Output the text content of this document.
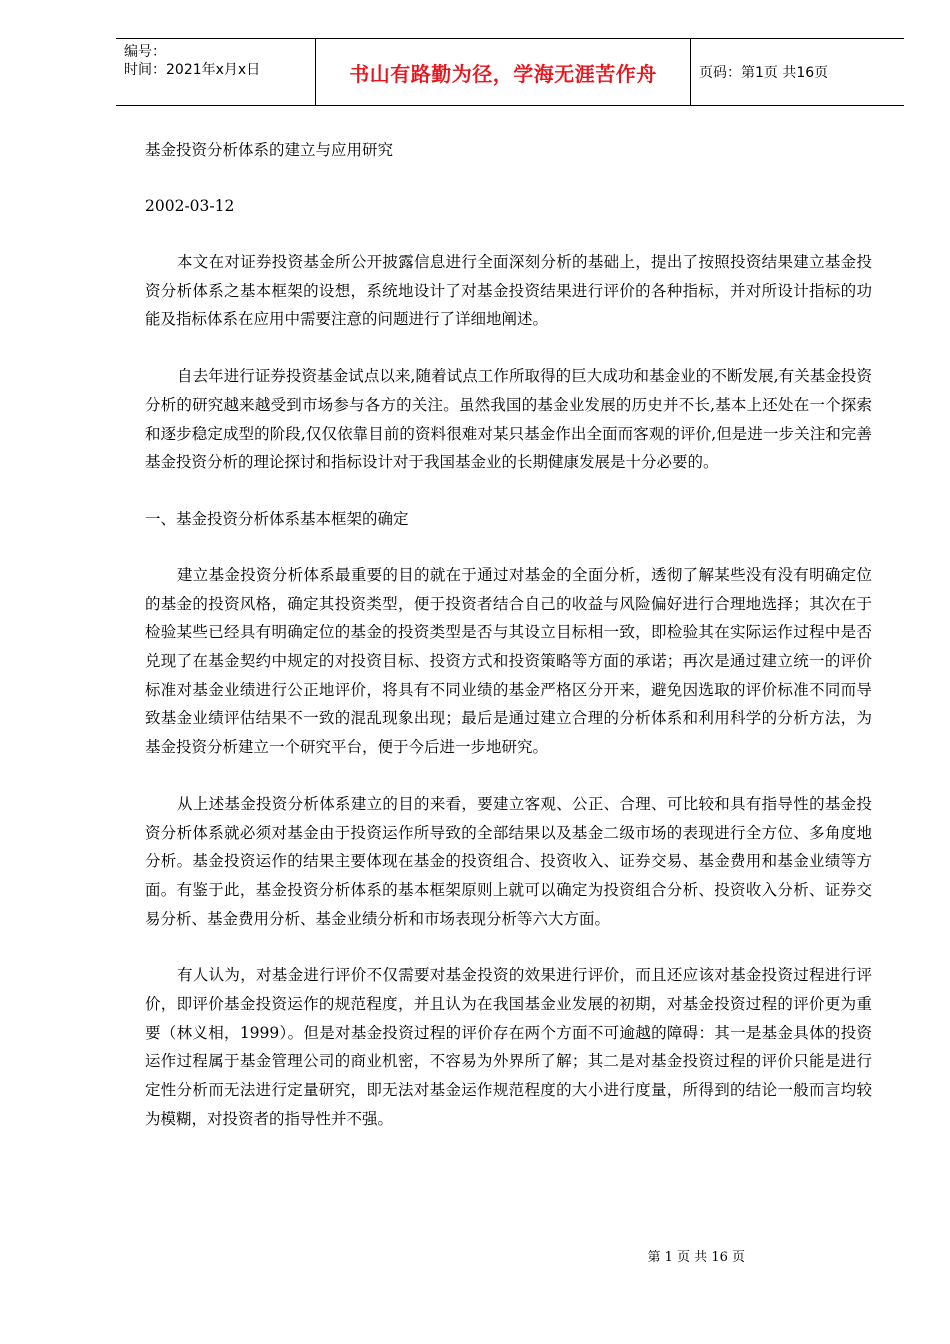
编号：
时间：2021年x月x日	书山有路勤为径，学海无涯苦作舟	页码：第1页 共16页

基金投资分析体系的建立与应用研究

2002-03-12

本文在对证券投资基金所公开披露信息进行全面深刻分析的基础上，提出了按照投资结果建立基金投资分析体系之基本框架的设想，系统地设计了对基金投资结果进行评价的各种指标，并对所设计指标的功能及指标体系在应用中需要注意的问题进行了详细地阐述。

自去年进行证券投资基金试点以来,随着试点工作所取得的巨大成功和基金业的不断发展,有关基金投资分析的研究越来越受到市场参与各方的关注。虽然我国的基金业发展的历史并不长,基本上还处在一个探索和逐步稳定成型的阶段,仅仅依靠目前的资料很难对某只基金作出全面而客观的评价,但是进一步关注和完善基金投资分析的理论探讨和指标设计对于我国基金业的长期健康发展是十分必要的。

一、基金投资分析体系基本框架的确定

建立基金投资分析体系最重要的目的就在于通过对基金的全面分析，透彻了解某些没有没有明确定位的基金的投资风格，确定其投资类型，便于投资者结合自己的收益与风险偏好进行合理地选择；其次在于检验某些已经具有明确定位的基金的投资类型是否与其设立目标相一致，即检验其在实际运作过程中是否兑现了在基金契约中规定的对投资目标、投资方式和投资策略等方面的承诺；再次是通过建立统一的评价标准对基金业绩进行公正地评价，将具有不同业绩的基金严格区分开来，避免因选取的评价标准不同而导致基金业绩评估结果不一致的混乱现象出现；最后是通过建立合理的分析体系和利用科学的分析方法，为基金投资分析建立一个研究平台，便于今后进一步地研究。

从上述基金投资分析体系建立的目的来看，要建立客观、公正、合理、可比较和具有指导性的基金投资分析体系就必须对基金由于投资运作所导致的全部结果以及基金二级市场的表现进行全方位、多角度地分析。基金投资运作的结果主要体现在基金的投资组合、投资收入、证券交易、基金费用和基金业绩等方面。有鉴于此，基金投资分析体系的基本框架原则上就可以确定为投资组合分析、投资收入分析、证券交易分析、基金费用分析、基金业绩分析和市场表现分析等六大方面。

有人认为，对基金进行评价不仅需要对基金投资的效果进行评价，而且还应该对基金投资过程进行评价，即评价基金投资运作的规范程度，并且认为在我国基金业发展的初期，对基金投资过程的评价更为重要（林义相，1999）。但是对基金投资过程的评价存在两个方面不可逾越的障碍：其一是基金具体的投资运作过程属于基金管理公司的商业机密，不容易为外界所了解；其二是对基金投资过程的评价只能是进行定性分析而无法进行定量研究，即无法对基金运作规范程度的大小进行度量，所得到的结论一般而言均较为模糊，对投资者的指导性并不强。

第 1 页 共 16 页
